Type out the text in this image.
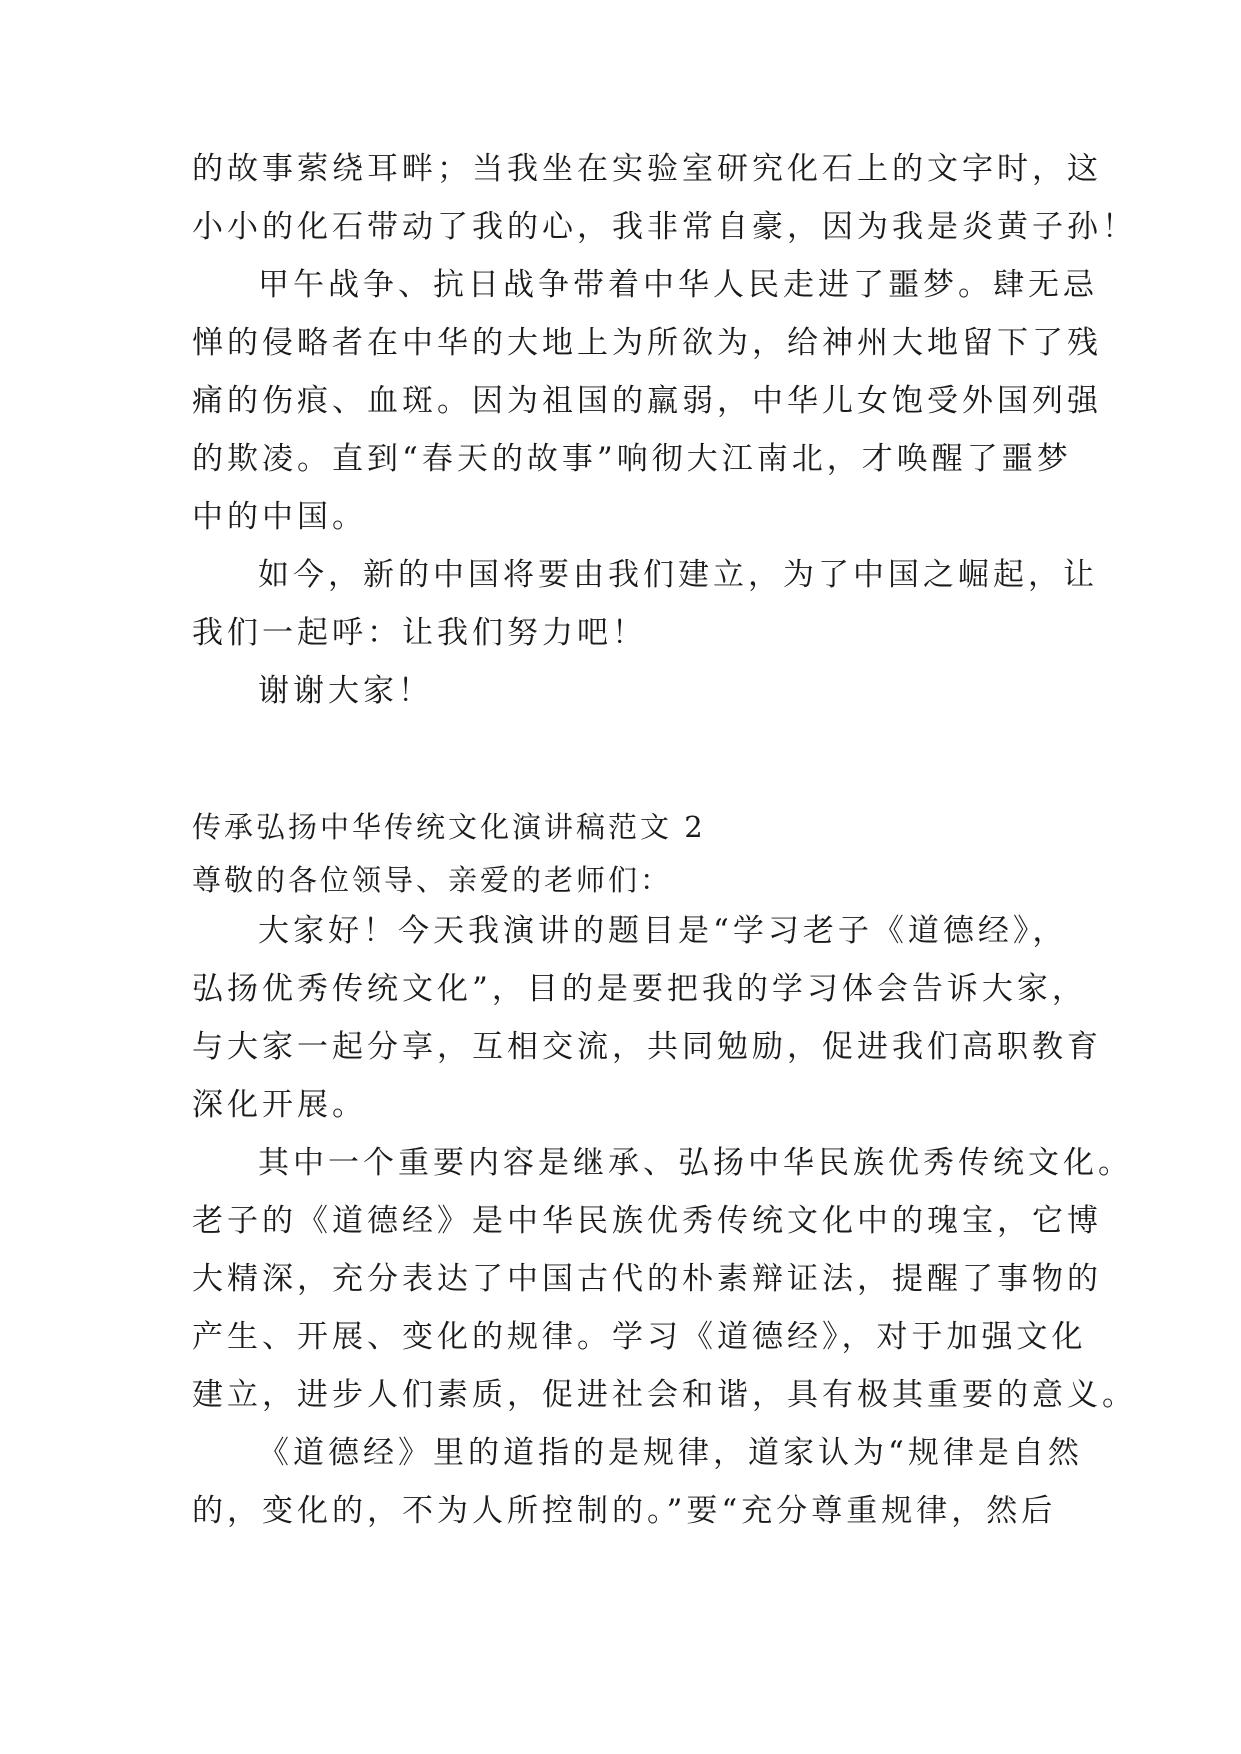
的故事萦绕耳畔；当我坐在实验室研究化石上的文字时，这
小小的化石带动了我的心，我非常自豪，因为我是炎黄子孙！
甲午战争、抗日战争带着中华人民走进了噩梦。肆无忌
惮的侵略者在中华的大地上为所欲为，给神州大地留下了残
痛的伤痕、血斑。因为祖国的羸弱，中华儿女饱受外国列强
的欺凌。直到“春天的故事”响彻大江南北，才唤醒了噩梦
中的中国。
如今，新的中国将要由我们建立，为了中国之崛起，让
我们一起呼：让我们努力吧！
谢谢大家！
传承弘扬中华传统文化演讲稿范文 2
尊敬的各位领导、亲爱的老师们：
大家好！今天我演讲的题目是“学习老子《道德经》，
弘扬优秀传统文化”，目的是要把我的学习体会告诉大家，
与大家一起分享，互相交流，共同勉励，促进我们高职教育
深化开展。
其中一个重要内容是继承、弘扬中华民族优秀传统文化。
老子的《道德经》是中华民族优秀传统文化中的瑰宝，它博
大精深，充分表达了中国古代的朴素辩证法，提醒了事物的
产生、开展、变化的规律。学习《道德经》，对于加强文化
建立，进步人们素质，促进社会和谐，具有极其重要的意义。
《道德经》里的道指的是规律，道家认为“规律是自然
的，变化的，不为人所控制的。”要“充分尊重规律，然后
